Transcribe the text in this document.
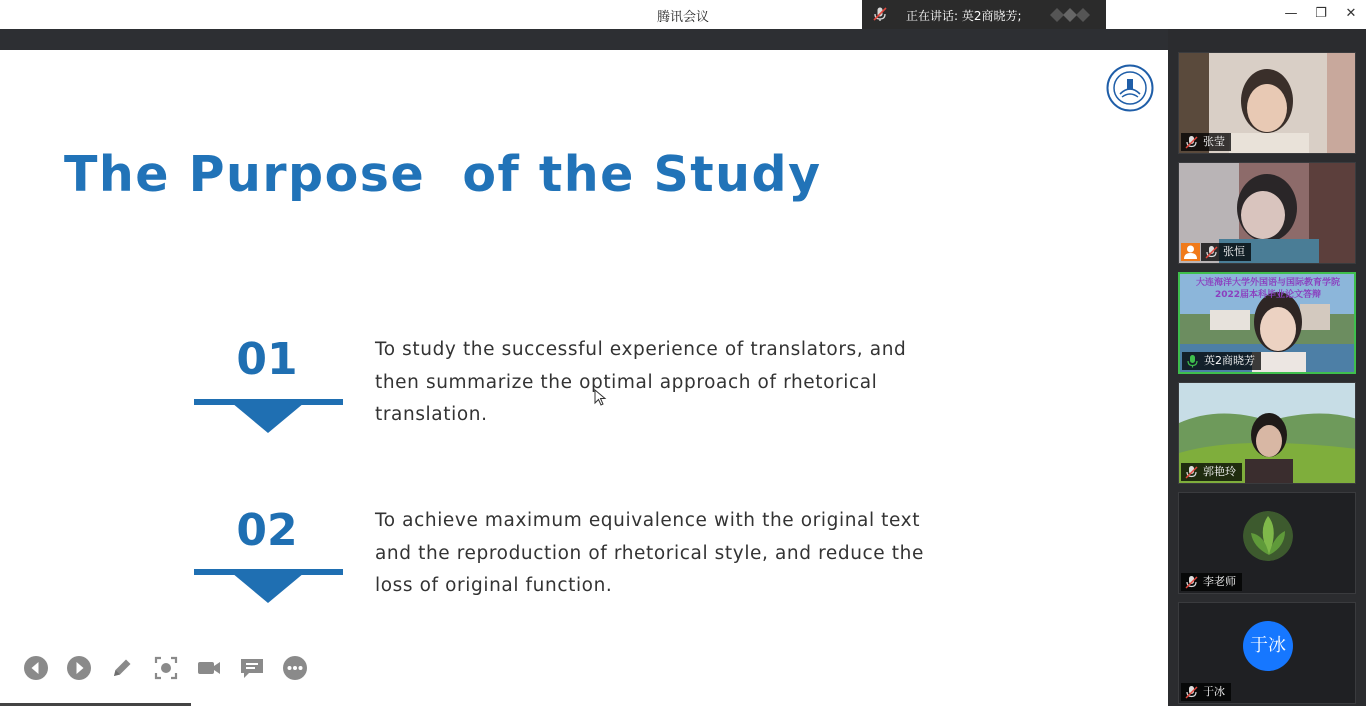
腾讯会议	正在讲话: 英2商晓芳;	—	❐	✕
The Purpose  of the Study
01	To study the successful experience of translators, and then summarize the optimal approach of rhetorical translation.
02	To achieve maximum equivalence with the original text and the reproduction of rhetorical style, and reduce the loss of original function.
张莹
张恒
大连海洋大学外国语与国际教育学院
2022届本科毕业论文答辩
英2商晓芳
郭艳玲
李老师
于冰
于冰
